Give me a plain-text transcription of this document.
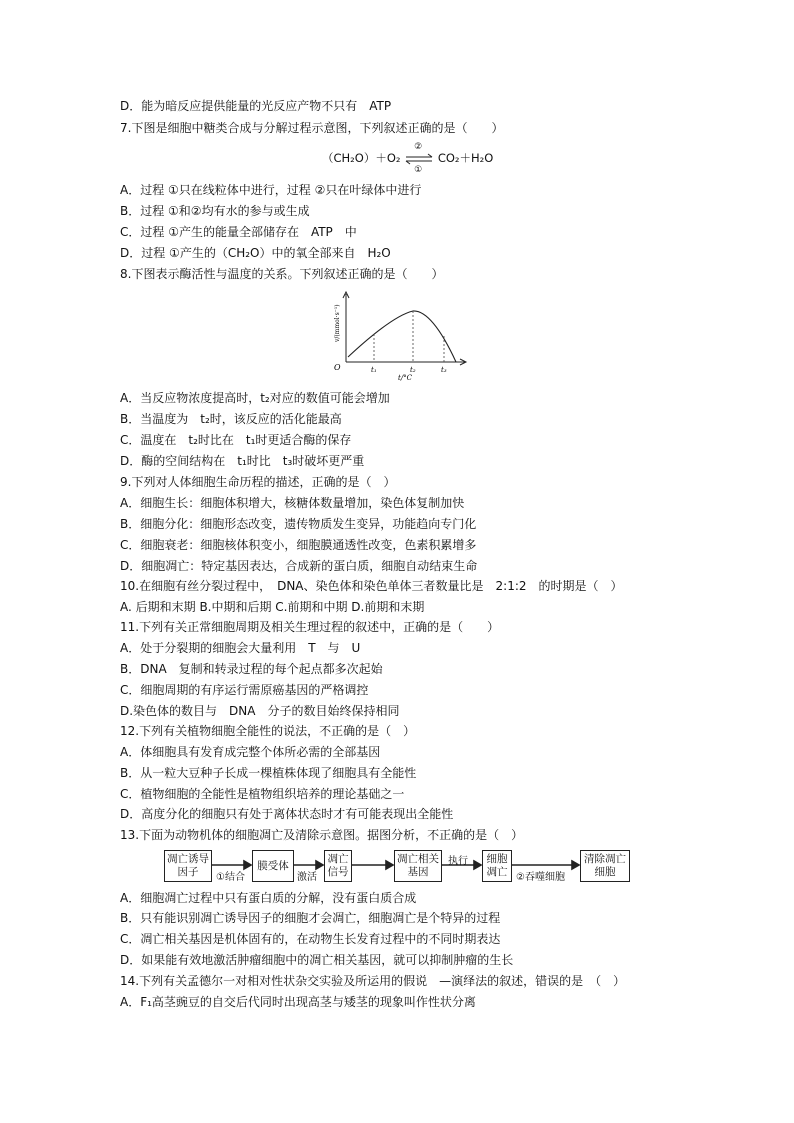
D．能为暗反应提供能量的光反应产物不只有　ATP
7.下图是细胞中糖类合成与分解过程示意图，下列叙述正确的是（　　）
（CH₂O）＋O₂
②
①
CO₂＋H₂O
A．过程 ①只在线粒体中进行，过程 ②只在叶绿体中进行
B．过程 ①和②均有水的参与或生成
C．过程 ①产生的能量全部储存在　ATP　中
D．过程 ①产生的（CH₂O）中的氧全部来自　H₂O
8.下图表示酶活性与温度的关系。下列叙述正确的是（　　）
O	t₁	t₂	t₃
t/°C
v/(mmol·s⁻¹)
A．当反应物浓度提高时，t₂对应的数值可能会增加
B．当温度为　t₂时，该反应的活化能最高
C．温度在　t₂时比在　t₁时更适合酶的保存
D．酶的空间结构在　t₁时比　t₃时破坏更严重
9.下列对人体细胞生命历程的描述，正确的是（　）
A．细胞生长：细胞体积增大，核糖体数量增加，染色体复制加快
B．细胞分化：细胞形态改变，遗传物质发生变异，功能趋向专门化
C．细胞衰老：细胞核体积变小，细胞膜通透性改变，色素积累增多
D．细胞凋亡：特定基因表达，合成新的蛋白质，细胞自动结束生命
10.在细胞有丝分裂过程中，　DNA、染色体和染色单体三者数量比是　2:1:2　的时期是（　）
A. 后期和末期 B.中期和后期 C.前期和中期 D.前期和末期
11.下列有关正常细胞周期及相关生理过程的叙述中，正确的是（　　）
A．处于分裂期的细胞会大量利用　T　与　U
B．DNA　复制和转录过程的每个起点都多次起始
C．细胞周期的有序运行需原癌基因的严格调控
D.染色体的数目与　DNA　分子的数目始终保持相同
12.下列有关植物细胞全能性的说法，不正确的是（　）
A．体细胞具有发育成完整个体所必需的全部基因
B．从一粒大豆种子长成一棵植株体现了细胞具有全能性
C．植物细胞的全能性是植物组织培养的理论基础之一
D．高度分化的细胞只有处于离体状态时才有可能表现出全能性
13.下面为动物机体的细胞凋亡及清除示意图。据图分析，不正确的是（　）
凋亡诱导因子
膜受体
凋亡信号
凋亡相关基因
细胞凋亡
清除凋亡细胞
①结合	激活
执行
②吞噬细胞
A．细胞凋亡过程中只有蛋白质的分解，没有蛋白质合成
B．只有能识别凋亡诱导因子的细胞才会凋亡，细胞凋亡是个特异的过程
C．凋亡相关基因是机体固有的，在动物生长发育过程中的不同时期表达
D．如果能有效地激活肿瘤细胞中的凋亡相关基因，就可以抑制肿瘤的生长
14.下列有关孟德尔一对相对性状杂交实验及所运用的假说　—演绎法的叙述，错误的是　（　）
A．F₁高茎豌豆的自交后代同时出现高茎与矮茎的现象叫作性状分离
